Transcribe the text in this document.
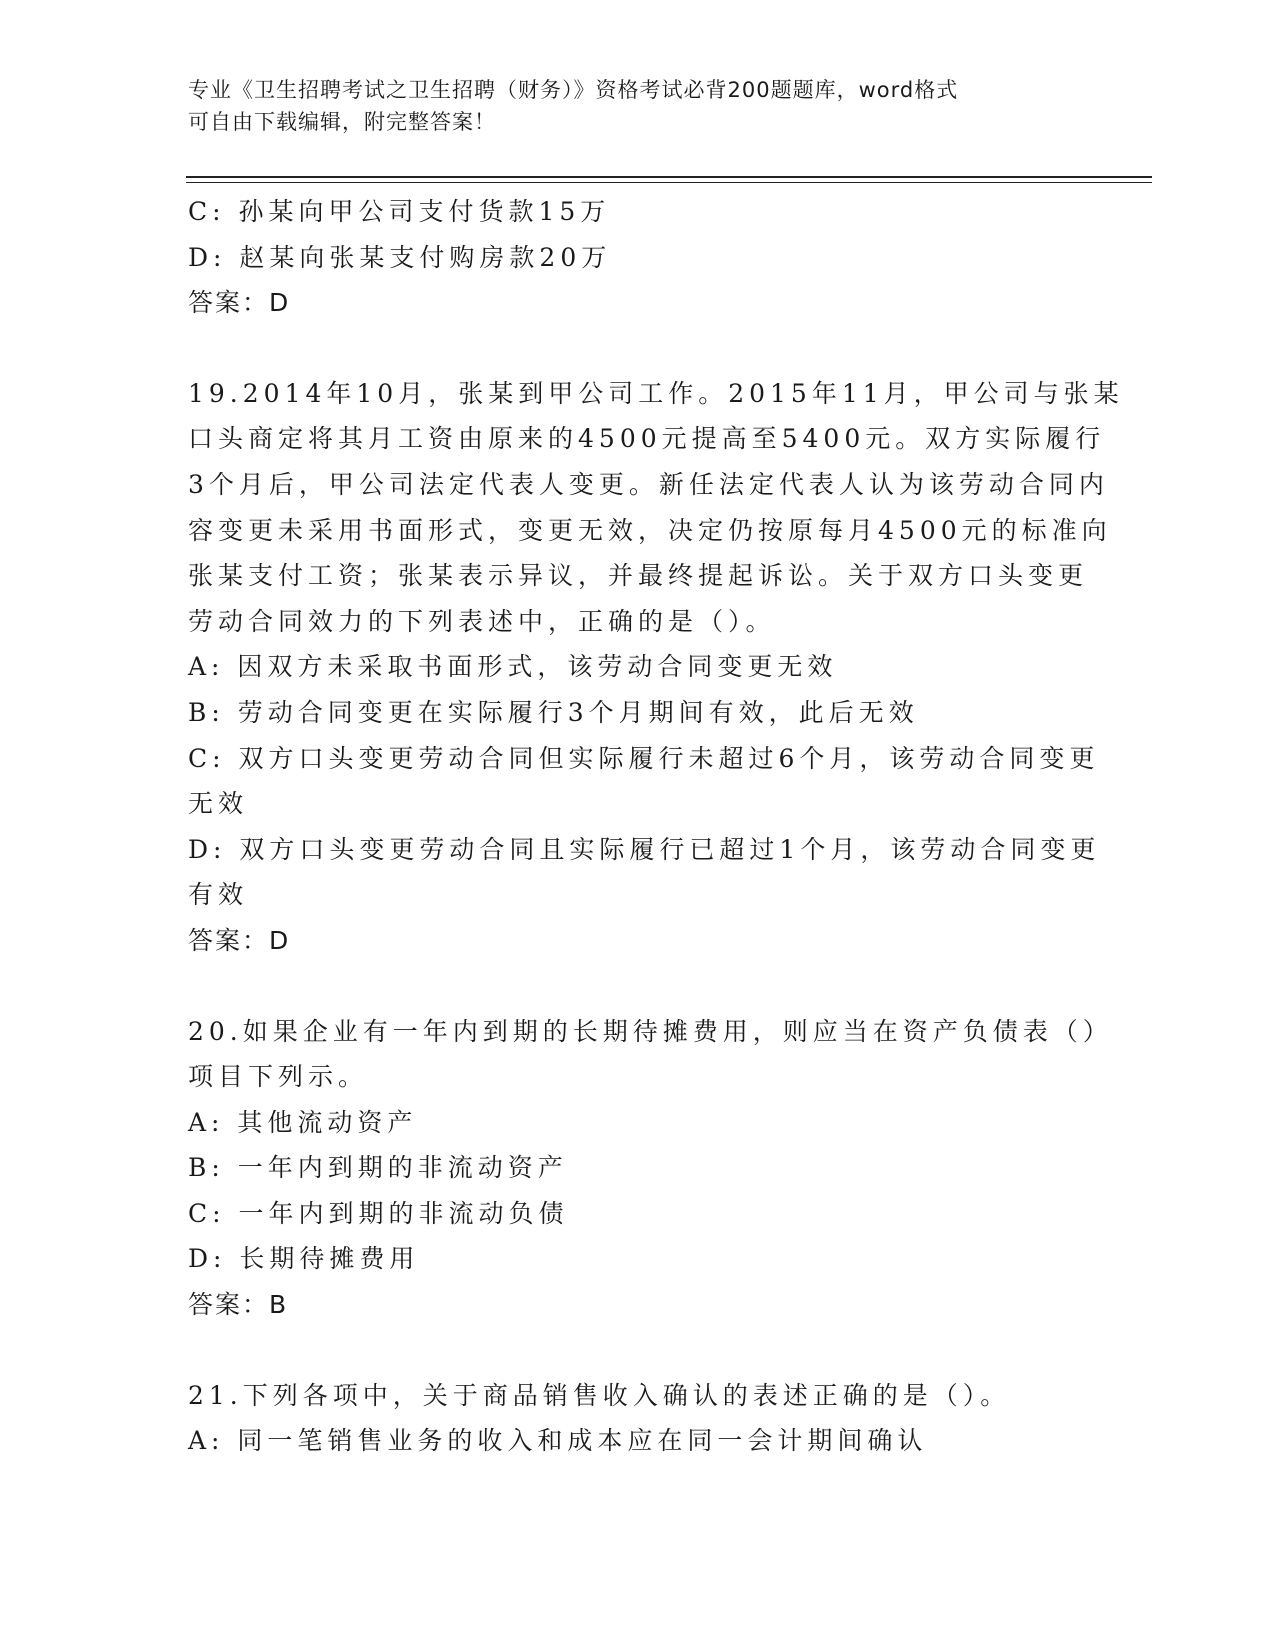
专业《卫生招聘考试之卫生招聘（财务）》资格考试必背200题题库，word格式
可自由下载编辑，附完整答案！
C: 孙某向甲公司支付货款15万
D: 赵某向张某支付购房款20万
答案：D
19.2014年10月，张某到甲公司工作。2015年11月，甲公司与张某
口头商定将其月工资由原来的4500元提高至5400元。双方实际履行
3个月后，甲公司法定代表人变更。新任法定代表人认为该劳动合同内
容变更未采用书面形式，变更无效，决定仍按原每月4500元的标准向
张某支付工资；张某表示异议，并最终提起诉讼。关于双方口头变更
劳动合同效力的下列表述中，正确的是（）。
A: 因双方未采取书面形式，该劳动合同变更无效
B: 劳动合同变更在实际履行3个月期间有效，此后无效
C: 双方口头变更劳动合同但实际履行未超过6个月，该劳动合同变更
无效
D: 双方口头变更劳动合同且实际履行已超过1个月，该劳动合同变更
有效
答案：D
20.如果企业有一年内到期的长期待摊费用，则应当在资产负债表（）
项目下列示。
A: 其他流动资产
B: 一年内到期的非流动资产
C: 一年内到期的非流动负债
D: 长期待摊费用
答案：B
21.下列各项中，关于商品销售收入确认的表述正确的是（）。
A: 同一笔销售业务的收入和成本应在同一会计期间确认
